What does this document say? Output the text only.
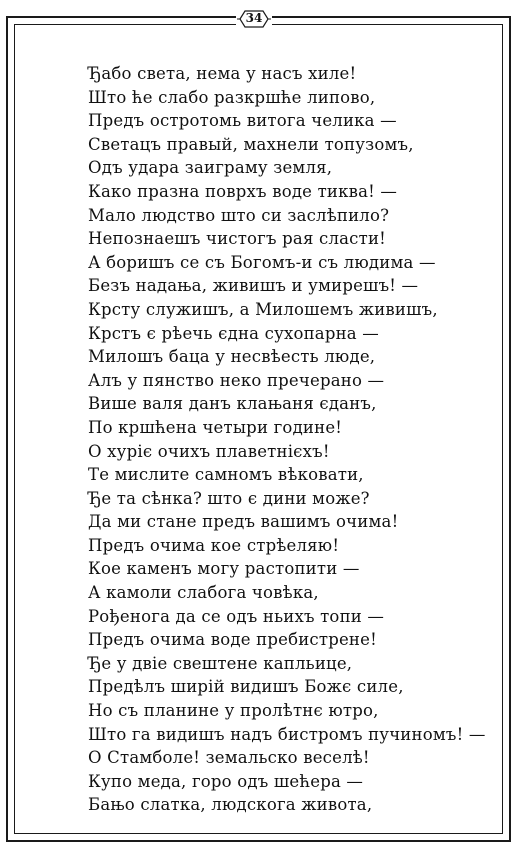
34
Ђабо света, нема у насъ хиле!
Што ће слабо разкршће липово,
Предъ остротомь витога челика —
Светацъ правый, махнели топузомъ,
Одъ удара заиграму земля,
Како празна поврхъ воде тиква! —
Мало людство што си заслѣпило?
Непознаешъ чистогъ рая сласти!
А боришъ се съ Богомъ-и съ людима —
Безъ надања, живишъ и умирешъ! —
Крсту служишъ, а Милошемъ живишъ,
Крстъ є рѣечь єдна сухопарна —
Милошъ баца у несвѣесть люде,
Алъ у пянство неко пречерано —
Више валя данъ клањаня єданъ,
По кршћена четыри године!
О хуріє очихъ плаветнієхъ!
Те мислите самномъ вѣковати,
Ђе та сѣнка? што є дини може?
Да ми стане предъ вашимъ очима!
Предъ очима кое стрѣеляю!
Кое каменъ могу растопити —
А камоли слабога човѣка,
Рођенога да се одъ ньихъ топи —
Предъ очима воде пребистрене!
Ђе у двіе свештене капльице,
Предѣлъ ширій видишъ Божє силе,
Но съ планине у пролѣтнє ютро,
Што га видишъ надъ бистромъ пучиномъ! —
О Стамболе! земальско веселѣ!
Купо меда, горо одъ шећера —
Бањо слатка, людскога живота,
